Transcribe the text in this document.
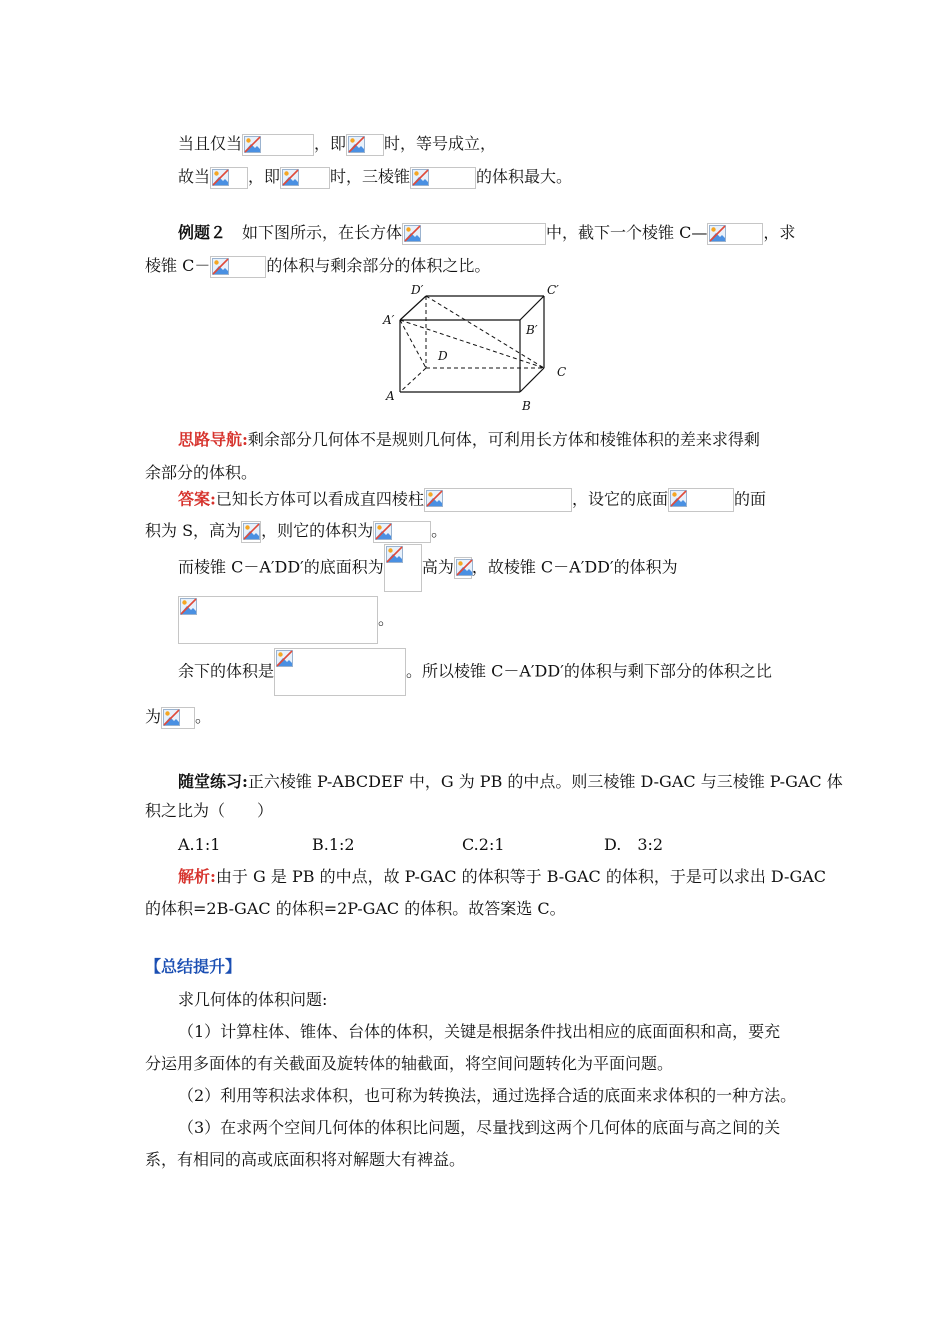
当且仅当	，即 时，等号成立，
故当 ，即	时，三棱锥	的体积最大。
例题２　如下图所示，在长方体	中，截下一个棱锥 C—	，求
棱锥 C－	的体积与剩余部分的体积之比。
D′	C′
A′
B′
D
C
A
B
思路导航:剩余部分几何体不是规则几何体，可利用长方体和棱锥体积的差来求得剩
余部分的体积。
答案:已知长方体可以看成直四棱柱	，设它的底面	的面
积为 S，高为 ，则它的体积为	。
而棱锥 C－A′DD′的底面积为 高为 ，故棱锥 C－A′DD′的体积为
。
余下的体积是	。所以棱锥 C－A′DD′的体积与剩下部分的体积之比
为 。
随堂练习:正六棱锥 P-ABCDEF 中，G 为 PB 的中点。则三棱锥 D-GAC 与三棱锥 P-GAC 体
积之比为（　　）
A.1:1	B.1:2	C.2:1	D.　3:2
解析:由于 G 是 PB 的中点，故 P-GAC 的体积等于 B-GAC 的体积，于是可以求出 D-GAC
的体积=2B-GAC 的体积=2P-GAC 的体积。故答案选 C。
【总结提升】
求几何体的体积问题:
（1）计算柱体、锥体、台体的体积，关键是根据条件找出相应的底面面积和高，要充
分运用多面体的有关截面及旋转体的轴截面，将空间问题转化为平面问题。
（2）利用等积法求体积，也可称为转换法，通过选择合适的底面来求体积的一种方法。
（3）在求两个空间几何体的体积比问题，尽量找到这两个几何体的底面与高之间的关
系，有相同的高或底面积将对解题大有裨益。
